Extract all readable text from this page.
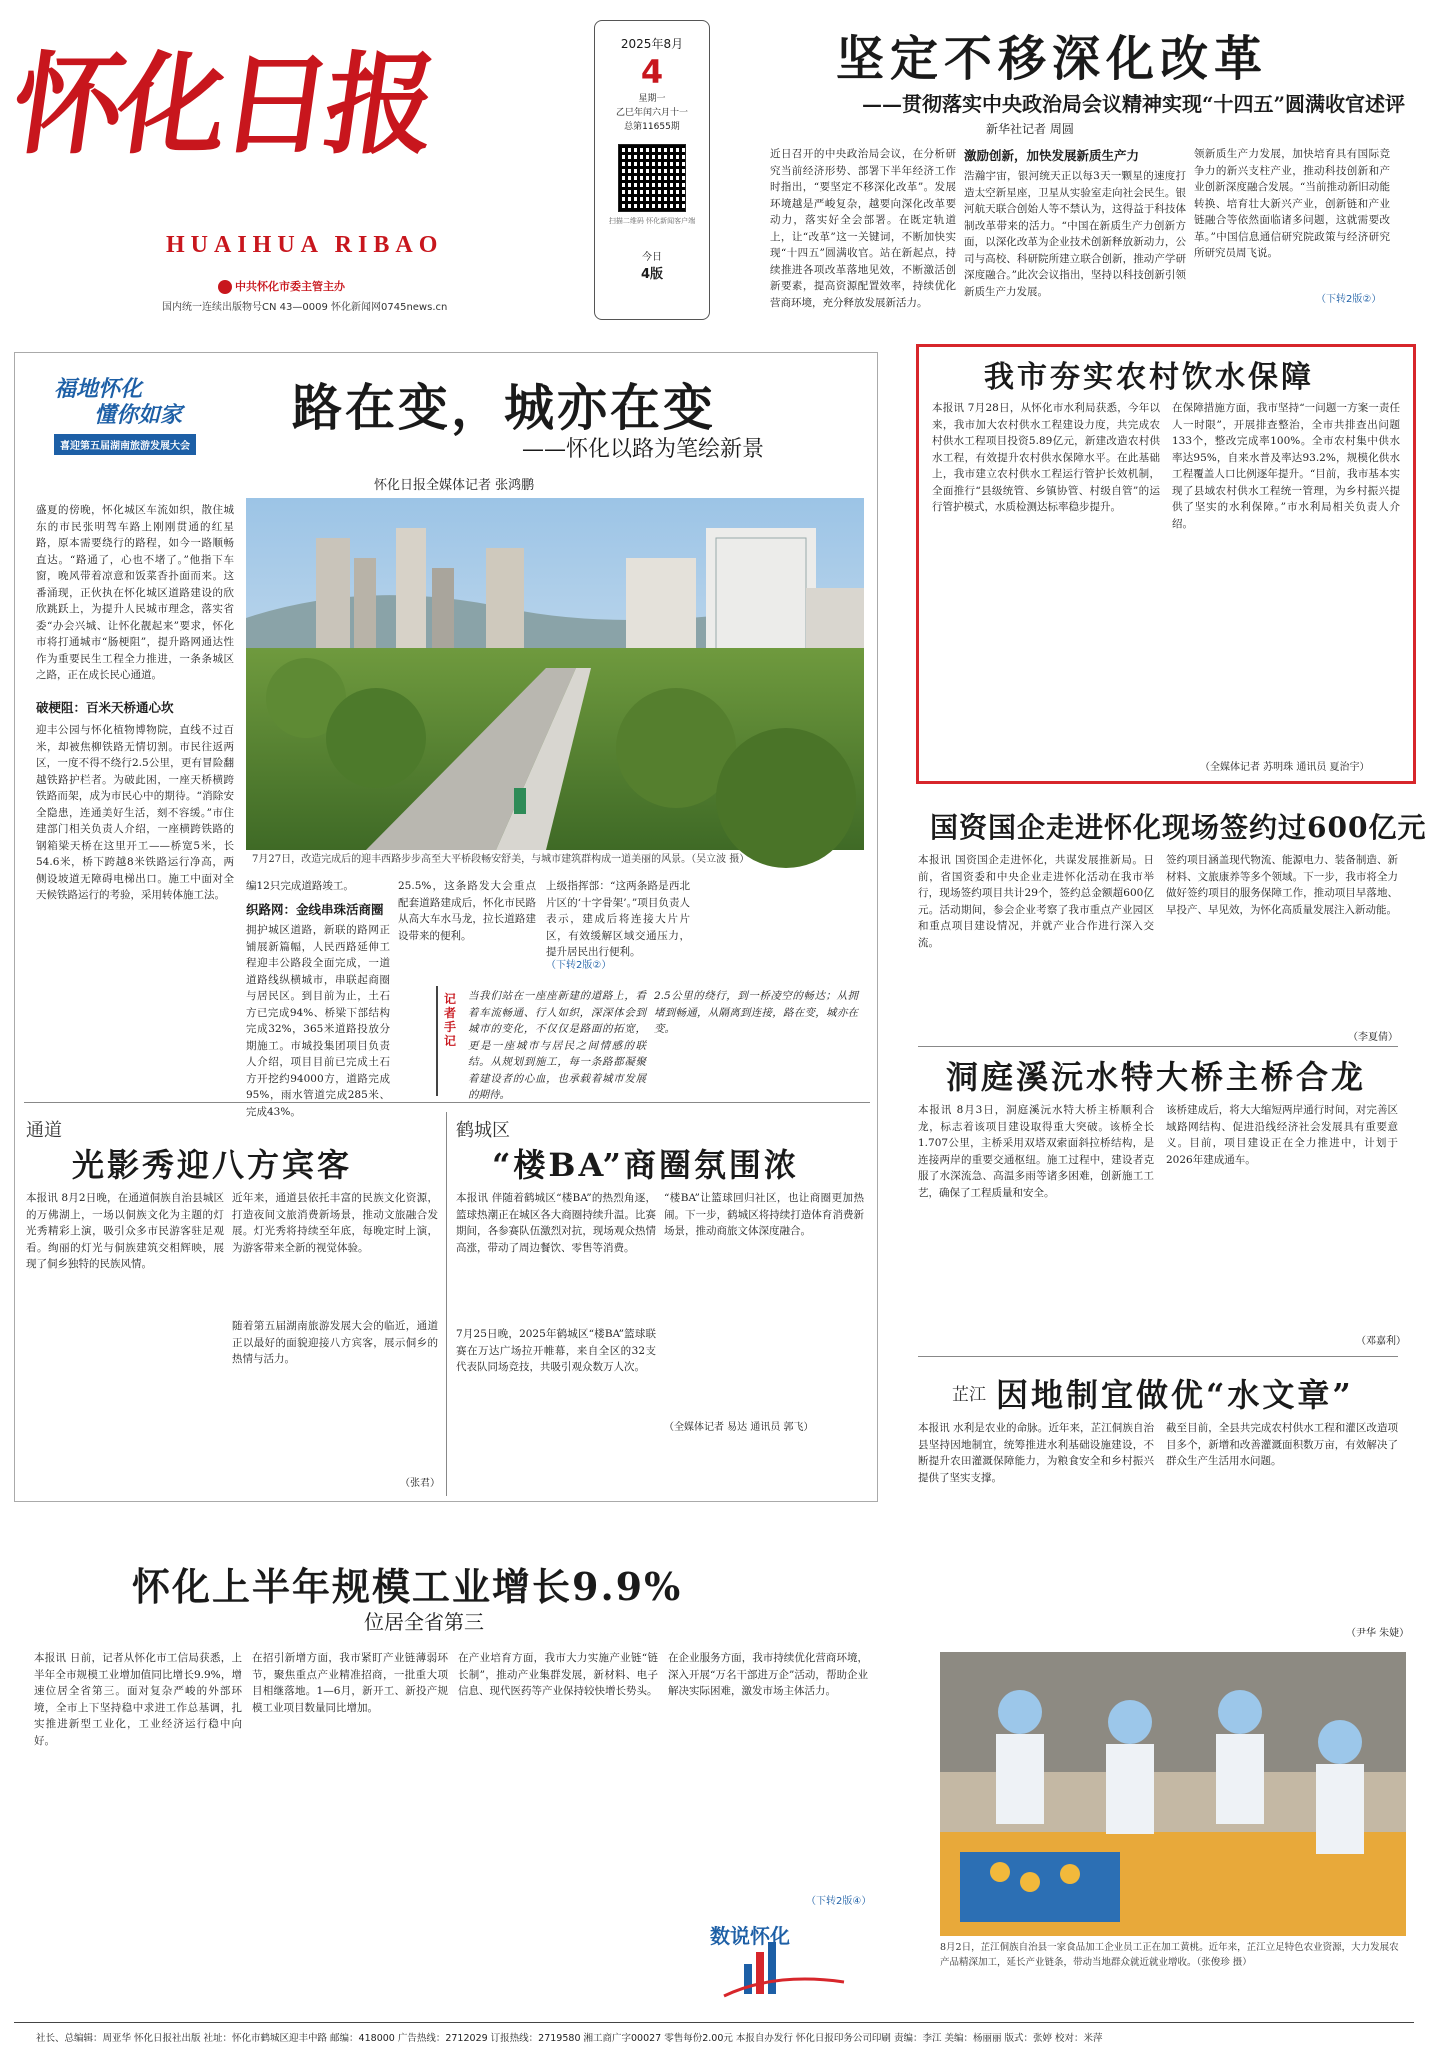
怀化日报
HUAIHUA RIBAO
中共怀化市委主管主办
国内统一连续出版物号CN 43—0009 怀化新闻网0745news.cn
2025年8月
4
星期一
乙巳年闰六月十一
总第11655期
扫描二维码 怀化新闻客户端
今日
4版
坚定不移深化改革
——贯彻落实中央政治局会议精神实现“十四五”圆满收官述评
新华社记者 周圆
近日召开的中央政治局会议，在分析研究当前经济形势、部署下半年经济工作时指出，“要坚定不移深化改革”。发展环境越是严峻复杂，越要向深化改革要动力，落实好全会部署。在既定轨道上，让“改革”这一关键词，不断加快实现“十四五”圆满收官。站在新起点，持续推进各项改革落地见效，不断激活创新要素，提高资源配置效率，持续优化营商环境，充分释放发展新活力。
激励创新，加快发展新质生产力
浩瀚宇宙，银河统天正以每3天一颗星的速度打造太空新星座，卫星从实验室走向社会民生。银河航天联合创始人等不禁认为，这得益于科技体制改革带来的活力。“中国在新质生产力创新方面，以深化改革为企业技术创新释放新动力，公司与高校、科研院所建立联合创新，推动产学研深度融合。”此次会议指出，坚持以科技创新引领新质生产力发展。
领新质生产力发展，加快培育具有国际竞争力的新兴支柱产业，推动科技创新和产业创新深度融合发展。“当前推动新旧动能转换、培育壮大新兴产业，创新链和产业链融合等依然面临诸多问题，这就需要改革。”中国信息通信研究院政策与经济研究所研究员周飞说。
（下转2版②）
福地怀化
懂你如家
喜迎第五届湖南旅游发展大会
路在变，城亦在变
——怀化以路为笔绘新景
怀化日报全媒体记者 张鸿鹏
盛夏的傍晚，怀化城区车流如织，散住城东的市民张明驾车路上刚刚贯通的红星路，原本需要绕行的路程，如今一路顺畅直达。“路通了，心也不堵了。”他指下车窗，晚风带着凉意和饭菜香扑面而来。这番涌现，正伙执在怀化城区道路建设的欣欣跳跃上，为提升人民城市理念，落实省委“办会兴城、让怀化靓起来”要求，怀化市将打通城市“肠梗阻”，提升路网通达性作为重要民生工程全力推进，一条条城区之路，正在成长民心通道。
破梗阻：百米天桥通心坎
迎丰公园与怀化植物博物院，直线不过百米，却被焦柳铁路无情切割。市民往返两区，一度不得不绕行2.5公里，更有冒险翻越铁路护栏者。为破此困，一座天桥横跨铁路而架，成为市民心中的期待。“消除安全隐患，连通美好生活，刻不容缓。”市住建部门相关负责人介绍，一座横跨铁路的钢箱梁天桥在这里开工——桥宽5米，长54.6米，桥下跨越8米铁路运行净高，两侧设坡道无障碍电梯出口。施工中面对全天候铁路运行的考验，采用转体施工法。
7月27日，改造完成后的迎丰西路步步高至大平桥段畅安舒美，与城市建筑群构成一道美丽的风景。（吴立波 摄）
编12只完成道路竣工。
织路网：金线串珠活商圈
拥护城区道路，新联的路网正铺展新篇幅，人民西路延伸工程迎丰公路段全面完成，一道道路线纵横城市，串联起商圈与居民区。到目前为止，土石方已完成94%、桥梁下部结构完成32%，365米道路投放分期施工。市城投集团项目负责人介绍，项目目前已完成土石方开挖约94000方，道路完成95%，雨水管道完成285米、完成43%。
25.5%，这条路发大会重点配套道路建成后，怀化市民路从高大车水马龙，拉长道路建设带来的便利。
上级指挥部：“这两条路是西北片区的‘十字骨架’。”项目负责人表示，建成后将连接大片片区，有效缓解区域交通压力，提升居民出行便利。
（下转2版②）
记者手记
当我们站在一座座新建的道路上，看着车流畅通、行人如织，深深体会到城市的变化，不仅仅是路面的拓宽，更是一座城市与居民之间情感的联结。从规划到施工，每一条路都凝聚着建设者的心血，也承载着城市发展的期待。
2.5公里的绕行，到一桥凌空的畅达；从拥堵到畅通，从隔离到连接，路在变，城亦在变。
通道
光影秀迎八方宾客
本报讯 8月2日晚，在通道侗族自治县城区的万佛湖上，一场以侗族文化为主题的灯光秀精彩上演，吸引众多市民游客驻足观看。绚丽的灯光与侗族建筑交相辉映，展现了侗乡独特的民族风情。
近年来，通道县依托丰富的民族文化资源，打造夜间文旅消费新场景，推动文旅融合发展。灯光秀将持续至年底，每晚定时上演，为游客带来全新的视觉体验。
随着第五届湖南旅游发展大会的临近，通道正以最好的面貌迎接八方宾客，展示侗乡的热情与活力。
（张君）
鹤城区
“楼BA”商圈氛围浓
本报讯 伴随着鹤城区“楼BA”的热烈角逐，篮球热潮正在城区各大商圈持续升温。比赛期间，各参赛队伍激烈对抗，现场观众热情高涨，带动了周边餐饮、零售等消费。
7月25日晚，2025年鹤城区“楼BA”篮球联赛在万达广场拉开帷幕，来自全区的32支代表队同场竞技，共吸引观众数万人次。
“楼BA”让篮球回归社区，也让商圈更加热闹。下一步，鹤城区将持续打造体育消费新场景，推动商旅文体深度融合。
（全媒体记者 易达 通讯员 郭飞）
我市夯实农村饮水保障
本报讯 7月28日，从怀化市水利局获悉，今年以来，我市加大农村供水工程建设力度，共完成农村供水工程项目投资5.89亿元，新建改造农村供水工程，有效提升农村供水保障水平。在此基础上，我市建立农村供水工程运行管护长效机制，全面推行“县级统管、乡镇协管、村级自管”的运行管护模式，水质检测达标率稳步提升。
在保障措施方面，我市坚持“一问题一方案一责任人一时限”，开展排查整治，全市共排查出问题133个，整改完成率100%。全市农村集中供水率达95%，自来水普及率达93.2%，规模化供水工程覆盖人口比例逐年提升。“目前，我市基本实现了县域农村供水工程统一管理，为乡村振兴提供了坚实的水利保障。”市水利局相关负责人介绍。
（全媒体记者 苏明珠 通讯员 夏治宇）
国资国企走进怀化现场签约过600亿元
本报讯 国资国企走进怀化，共谋发展推新局。日前，省国资委和中央企业走进怀化活动在我市举行，现场签约项目共计29个，签约总金额超600亿元。活动期间，参会企业考察了我市重点产业园区和重点项目建设情况，并就产业合作进行深入交流。
签约项目涵盖现代物流、能源电力、装备制造、新材料、文旅康养等多个领域。下一步，我市将全力做好签约项目的服务保障工作，推动项目早落地、早投产、早见效，为怀化高质量发展注入新动能。
（李夏倩）
洞庭溪沅水特大桥主桥合龙
本报讯 8月3日，洞庭溪沅水特大桥主桥顺利合龙，标志着该项目建设取得重大突破。该桥全长1.707公里，主桥采用双塔双索面斜拉桥结构，是连接两岸的重要交通枢纽。施工过程中，建设者克服了水深流急、高温多雨等诸多困难，创新施工工艺，确保了工程质量和安全。
该桥建成后，将大大缩短两岸通行时间，对完善区域路网结构、促进沿线经济社会发展具有重要意义。目前，项目建设正在全力推进中，计划于2026年建成通车。
（邓嘉利）
芷江 因地制宜做优“水文章”
本报讯 水利是农业的命脉。近年来，芷江侗族自治县坚持因地制宜，统筹推进水利基础设施建设，不断提升农田灌溉保障能力，为粮食安全和乡村振兴提供了坚实支撑。
截至目前，全县共完成农村供水工程和灌区改造项目多个，新增和改善灌溉面积数万亩，有效解决了群众生产生活用水问题。
（尹华 朱婕）
怀化上半年规模工业增长9.9%
位居全省第三
本报讯 日前，记者从怀化市工信局获悉，上半年全市规模工业增加值同比增长9.9%，增速位居全省第三。面对复杂严峻的外部环境，全市上下坚持稳中求进工作总基调，扎实推进新型工业化，工业经济运行稳中向好。
在招引新增方面，我市紧盯产业链薄弱环节，聚焦重点产业精准招商，一批重大项目相继落地。1—6月，新开工、新投产规模工业项目数量同比增加。
在产业培育方面，我市大力实施产业链“链长制”，推动产业集群发展，新材料、电子信息、现代医药等产业保持较快增长势头。
在企业服务方面，我市持续优化营商环境，深入开展“万名干部进万企”活动，帮助企业解决实际困难，激发市场主体活力。
（下转2版④）
数说怀化	8月2日，芷江侗族自治县一家食品加工企业员工正在加工黄桃。近年来，芷江立足特色农业资源，大力发展农产品精深加工，延长产业链条，带动当地群众就近就业增收。（张俊珍 摄）
社长、总编辑：周亚华 怀化日报社出版 社址：怀化市鹤城区迎丰中路 邮编：418000 广告热线：2712029 订报热线：2719580 湘工商广字00027 零售每份2.00元 本报自办发行 怀化日报印务公司印刷 责编：李江 美编：杨丽丽 版式：张婷 校对：米萍
